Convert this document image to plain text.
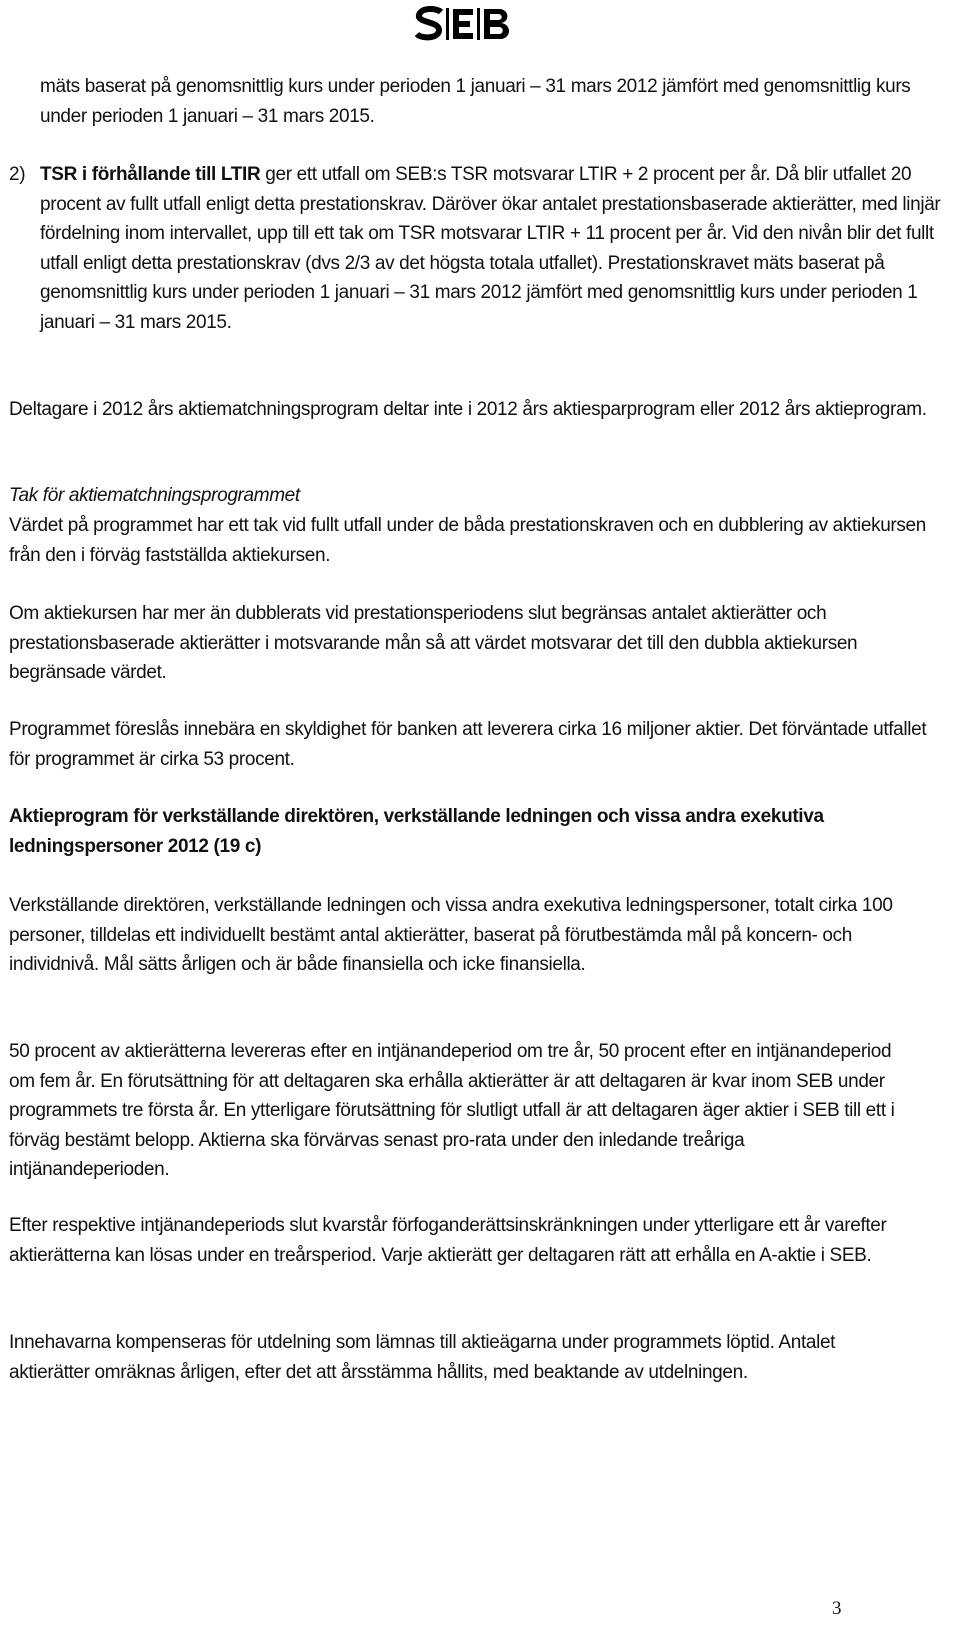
mäts baserat på genomsnittlig kurs under perioden 1 januari – 31 mars 2012 jämfört med genomsnittlig kurs under perioden 1 januari – 31 mars 2015.

2) TSR i förhållande till LTIR ger ett utfall om SEB:s TSR motsvarar LTIR + 2 procent per år. Då blir utfallet 20 procent av fullt utfall enligt detta prestationskrav. Däröver ökar antalet prestationsbaserade aktierätter, med linjär fördelning inom intervallet, upp till ett tak om TSR motsvarar LTIR + 11 procent per år. Vid den nivån blir det fullt utfall enligt detta prestationskrav (dvs 2/3 av det högsta totala utfallet). Prestationskravet mäts baserat på genomsnittlig kurs under perioden 1 januari – 31 mars 2012 jämfört med genomsnittlig kurs under perioden 1 januari – 31 mars 2015.

Deltagare i 2012 års aktiematchningsprogram deltar inte i 2012 års aktiesparprogram eller 2012 års aktieprogram.

Tak för aktiematchningsprogrammet

Värdet på programmet har ett tak vid fullt utfall under de båda prestationskraven och en dubblering av aktiekursen från den i förväg fastställda aktiekursen.

Om aktiekursen har mer än dubblerats vid prestationsperiodens slut begränsas antalet aktierätter och prestationsbaserade aktierätter i motsvarande mån så att värdet motsvarar det till den dubbla aktiekursen begränsade värdet.

Programmet föreslås innebära en skyldighet för banken att leverera cirka 16 miljoner aktier. Det förväntade utfallet för programmet är cirka 53 procent.

Aktieprogram för verkställande direktören, verkställande ledningen och vissa andra exekutiva ledningspersoner 2012 (19 c)

Verkställande direktören, verkställande ledningen och vissa andra exekutiva ledningspersoner, totalt cirka 100 personer, tilldelas ett individuellt bestämt antal aktierätter, baserat på förutbestämda mål på koncern- och individnivå. Mål sätts årligen och är både finansiella och icke finansiella.

50 procent av aktierätterna levereras efter en intjänandeperiod om tre år, 50 procent efter en intjänandeperiod om fem år. En förutsättning för att deltagaren ska erhålla aktierätter är att deltagaren är kvar inom SEB under programmets tre första år. En ytterligare förutsättning för slutligt utfall är att deltagaren äger aktier i SEB till ett i förväg bestämt belopp. Aktierna ska förvärvas senast pro-rata under den inledande treåriga intjänandeperioden.

Efter respektive intjänandeperiods slut kvarstår förfoganderättsinskränkningen under ytterligare ett år varefter aktierätterna kan lösas under en treårsperiod. Varje aktierätt ger deltagaren rätt att erhålla en A-aktie i SEB.

Innehavarna kompenseras för utdelning som lämnas till aktieägarna under programmets löptid. Antalet aktierätter omräknas årligen, efter det att årsstämma hållits, med beaktande av utdelningen.

3
